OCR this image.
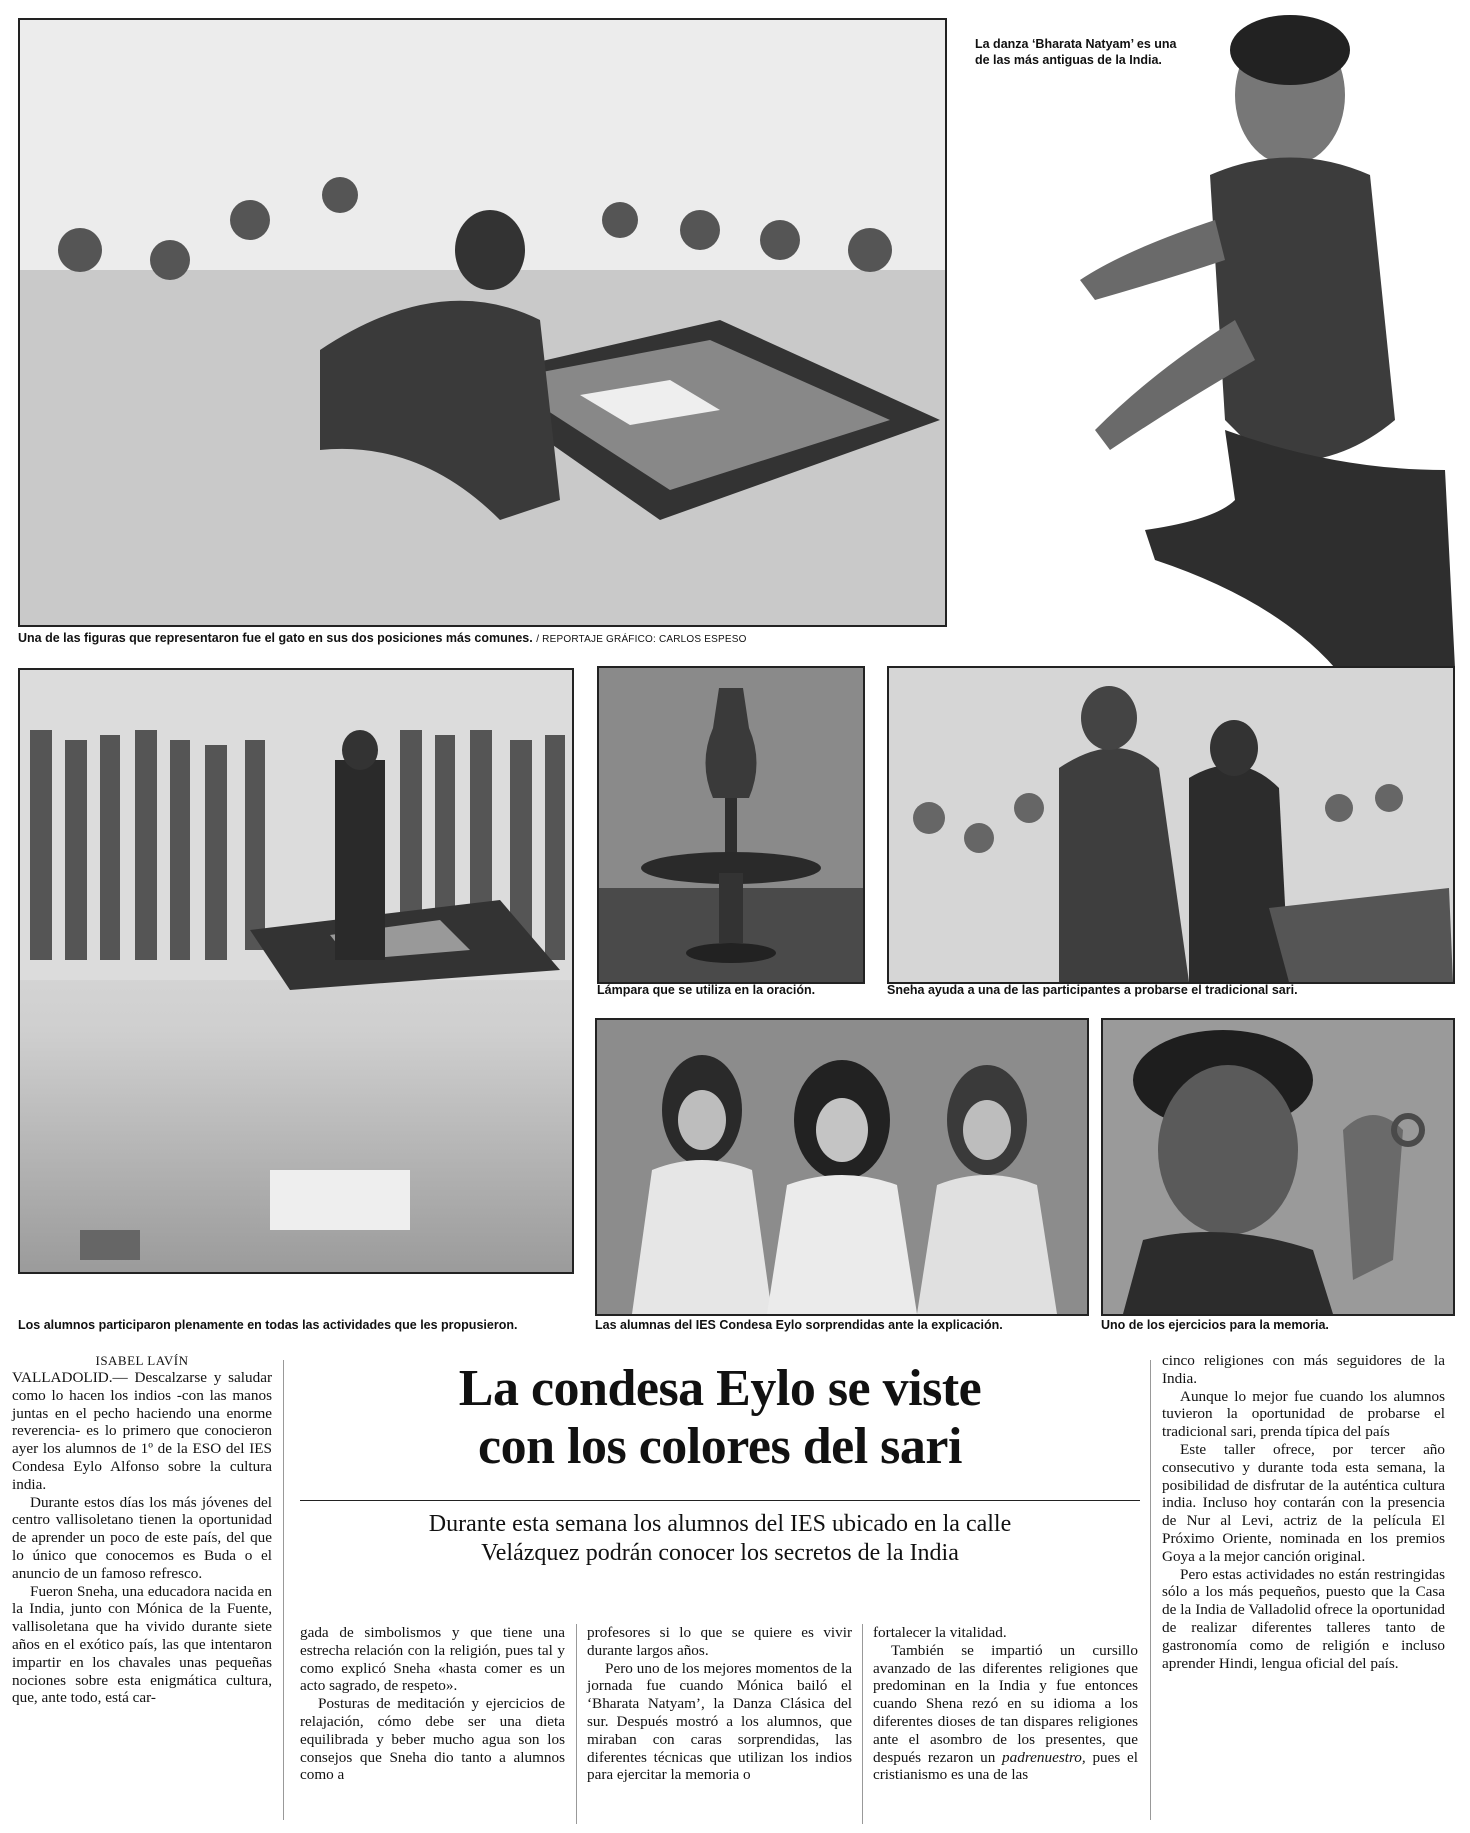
Una de las figuras que representaron fue el gato en sus dos posiciones más comunes. / REPORTAJE GRÁFICO: CARLOS ESPESO
La danza ‘Bharata Natyam’ es una
de las más antiguas de la India.
Los alumnos participaron plenamente en todas las actividades que les propusieron.
Lámpara que se utiliza en la oración.	Sneha ayuda a una de las participantes a probarse el tradicional sari.
Las alumnas del IES Condesa Eylo sorprendidas ante la explicación.	Uno de los ejercicios para la memoria.

ISABEL LAVÍN

VALLADOLID.— Descalzarse y saludar como lo hacen los indios -con las manos juntas en el pecho haciendo una enorme reverencia- es lo primero que conocieron ayer los alumnos de 1º de la ESO del IES Condesa Eylo Alfonso sobre la cultura india.

Durante estos días los más jóvenes del centro vallisoletano tienen la oportunidad de aprender un poco de este país, del que lo único que conocemos es Buda o el anuncio de un famoso refresco.

Fueron Sneha, una educadora nacida en la India, junto con Mónica de la Fuente, vallisoletana que ha vivido durante siete años en el exótico país, las que intentaron impartir en los chavales unas pequeñas nociones sobre esta enigmática cultura, que, ante todo, está car-

La condesa Eylo se viste
con los colores del sari
Durante esta semana los alumnos del IES ubicado en la calle
Velázquez podrán conocer los secretos de la India

gada de simbolismos y que tiene una estrecha relación con la religión, pues tal y como explicó Sneha «hasta comer es un acto sagrado, de respeto».

Posturas de meditación y ejercicios de relajación, cómo debe ser una dieta equilibrada y beber mucho agua son los consejos que Sneha dio tanto a alumnos como a

profesores si lo que se quiere es vivir durante largos años.

Pero uno de los mejores momentos de la jornada fue cuando Mónica bailó el ‘Bharata Natyam’, la Danza Clásica del sur. Después mostró a los alumnos, que miraban con caras sorprendidas, las diferentes técnicas que utilizan los indios para ejercitar la memoria o

fortalecer la vitalidad.

También se impartió un cursillo avanzado de las diferentes religiones que predominan en la India y fue entonces cuando Shena rezó en su idioma a los diferentes dioses de tan dispares religiones ante el asombro de los presentes, que después rezaron un padrenuestro, pues el cristianismo es una de las

cinco religiones con más seguidores de la India.

Aunque lo mejor fue cuando los alumnos tuvieron la oportunidad de probarse el tradicional sari, prenda típica del país

Este taller ofrece, por tercer año consecutivo y durante toda esta semana, la posibilidad de disfrutar de la auténtica cultura india. Incluso hoy contarán con la presencia de Nur al Levi, actriz de la película El Próximo Oriente, nominada en los premios Goya a la mejor canción original.

Pero estas actividades no están restringidas sólo a los más pequeños, puesto que la Casa de la India de Valladolid ofrece la oportunidad de realizar diferentes talleres tanto de gastronomía como de religión e incluso aprender Hindi, lengua oficial del país.
